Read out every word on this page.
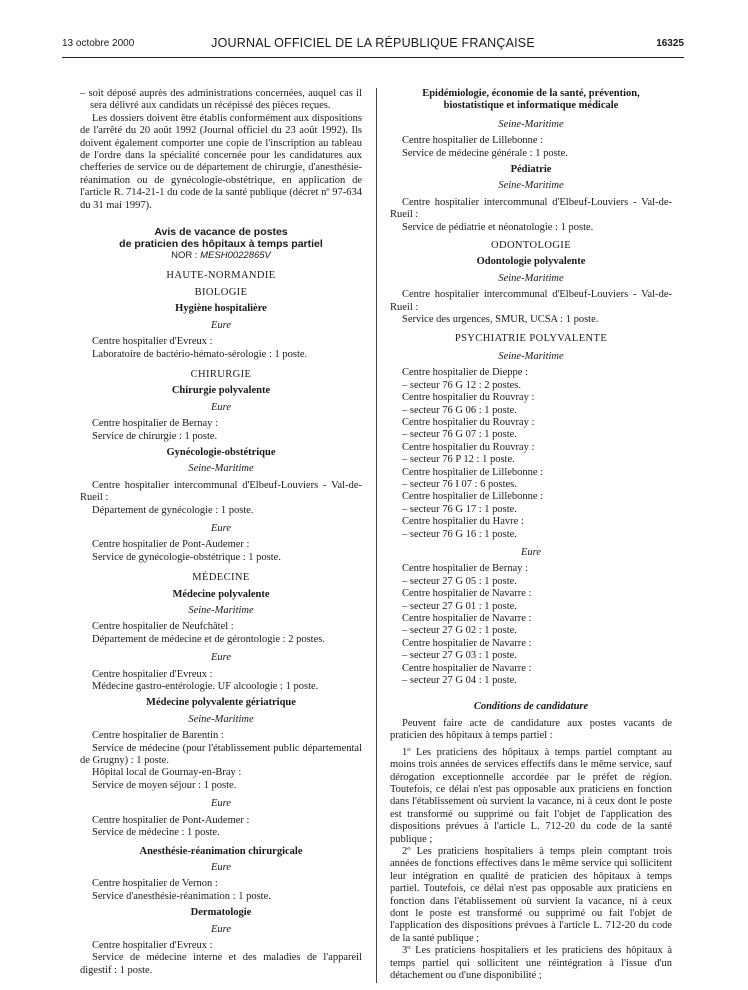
13 octobre 2000	JOURNAL OFFICIEL DE LA RÉPUBLIQUE FRANÇAISE	16325

– soit déposé auprès des administrations concernées, auquel cas il sera délivré aux candidats un récépissé des pièces reçues.

Les dossiers doivent être établis conformément aux dispositions de l'arrêté du 20 août 1992 (Journal officiel du 23 août 1992). Ils doivent également comporter une copie de l'inscription au tableau de l'ordre dans la spécialité concernée pour les candidatures aux chefferies de service ou de département de chirurgie, d'anesthésie-réanimation ou de gynécologie-obstétrique, en application de l'article R. 714-21-1 du code de la santé publique (décret nº 97-634 du 31 mai 1997).

Avis de vacance de postes

de praticien des hôpitaux à temps partiel

NOR : MESH0022865V

HAUTE-NORMANDIE

BIOLOGIE

Hygiène hospitalière

Eure

Centre hospitalier d'Evreux :

Laboratoire de bactério-hémato-sérologie : 1 poste.

CHIRURGIE

Chirurgie polyvalente

Eure

Centre hospitalier de Bernay :

Service de chirurgie : 1 poste.

Gynécologie-obstétrique

Seine-Maritime

Centre hospitalier intercommunal d'Elbeuf-Louviers - Val-de-Rueil :

Département de gynécologie : 1 poste.

Eure

Centre hospitalier de Pont-Audemer :

Service de gynécologie-obstétrique : 1 poste.

MÉDECINE

Médecine polyvalente

Seine-Maritime

Centre hospitalier de Neufchâtel :

Département de médecine et de gérontologie : 2 postes.

Eure

Centre hospitalier d'Evreux :

Médecine gastro-entérologie. UF alcoologie : 1 poste.

Médecine polyvalente gériatrique

Seine-Maritime

Centre hospitalier de Barentin :

Service de médecine (pour l'établissement public départemental de Grugny) : 1 poste.

Hôpital local de Gournay-en-Bray :

Service de moyen séjour : 1 poste.

Eure

Centre hospitalier de Pont-Audemer :

Service de médecine : 1 poste.

Anesthésie-réanimation chirurgicale

Eure

Centre hospitalier de Vernon :

Service d'anesthésie-réanimation : 1 poste.

Dermatologie

Eure

Centre hospitalier d'Evreux :

Service de médecine interne et des maladies de l'appareil digestif : 1 poste.

Epidémiologie, économie de la santé, prévention,

biostatistique et informatique médicale

Seine-Maritime

Centre hospitalier de Lillebonne :

Service de médecine générale : 1 poste.

Pédiatrie

Seine-Maritime

Centre hospitalier intercommunal d'Elbeuf-Louviers - Val-de-Rueil :

Service de pédiatrie et néonatologie : 1 poste.

ODONTOLOGIE

Odontologie polyvalente

Seine-Maritime

Centre hospitalier intercommunal d'Elbeuf-Louviers - Val-de-Rueil :

Service des urgences, SMUR, UCSA : 1 poste.

PSYCHIATRIE POLYVALENTE

Seine-Maritime

Centre hospitalier de Dieppe :

– secteur 76 G 12 : 2 postes.

Centre hospitalier du Rouvray :

– secteur 76 G 06 : 1 poste.

Centre hospitalier du Rouvray :

– secteur 76 G 07 : 1 poste.

Centre hospitalier du Rouvray :

– secteur 76 P 12 : 1 poste.

Centre hospitalier de Lillebonne :

– secteur 76 I 07 : 6 postes.

Centre hospitalier de Lillebonne :

– secteur 76 G 17 : 1 poste.

Centre hospitalier du Havre :

– secteur 76 G 16 : 1 poste.

Eure

Centre hospitalier de Bernay :

– secteur 27 G 05 : 1 poste.

Centre hospitalier de Navarre :

– secteur 27 G 01 : 1 poste.

Centre hospitalier de Navarre :

– secteur 27 G 02 : 1 poste.

Centre hospitalier de Navarre :

– secteur 27 G 03 : 1 poste.

Centre hospitalier de Navarre :

– secteur 27 G 04 : 1 poste.

Conditions de candidature

Peuvent faire acte de candidature aux postes vacants de praticien des hôpitaux à temps partiel :

1º Les praticiens des hôpitaux à temps partiel comptant au moins trois années de services effectifs dans le même service, sauf dérogation exceptionnelle accordée par le préfet de région. Toutefois, ce délai n'est pas opposable aux praticiens en fonction dans l'établissement où survient la vacance, ni à ceux dont le poste est transformé ou supprimé ou fait l'objet de l'application des dispositions prévues à l'article L. 712-20 du code de la santé publique ;

2º Les praticiens hospitaliers à temps plein comptant trois années de fonctions effectives dans le même service qui sollicitent leur intégration en qualité de praticien des hôpitaux à temps partiel. Toutefois, ce délai n'est pas opposable aux praticiens en fonction dans l'établissement où survient la vacance, ni à ceux dont le poste est transformé ou supprimé ou fait l'objet de l'application des dispositions prévues à l'article L. 712-20 du code de la santé publique ;

3º Les praticiens hospitaliers et les praticiens des hôpitaux à temps partiel qui sollicitent une réintégration à l'issue d'un détachement ou d'une disponibilité ;
